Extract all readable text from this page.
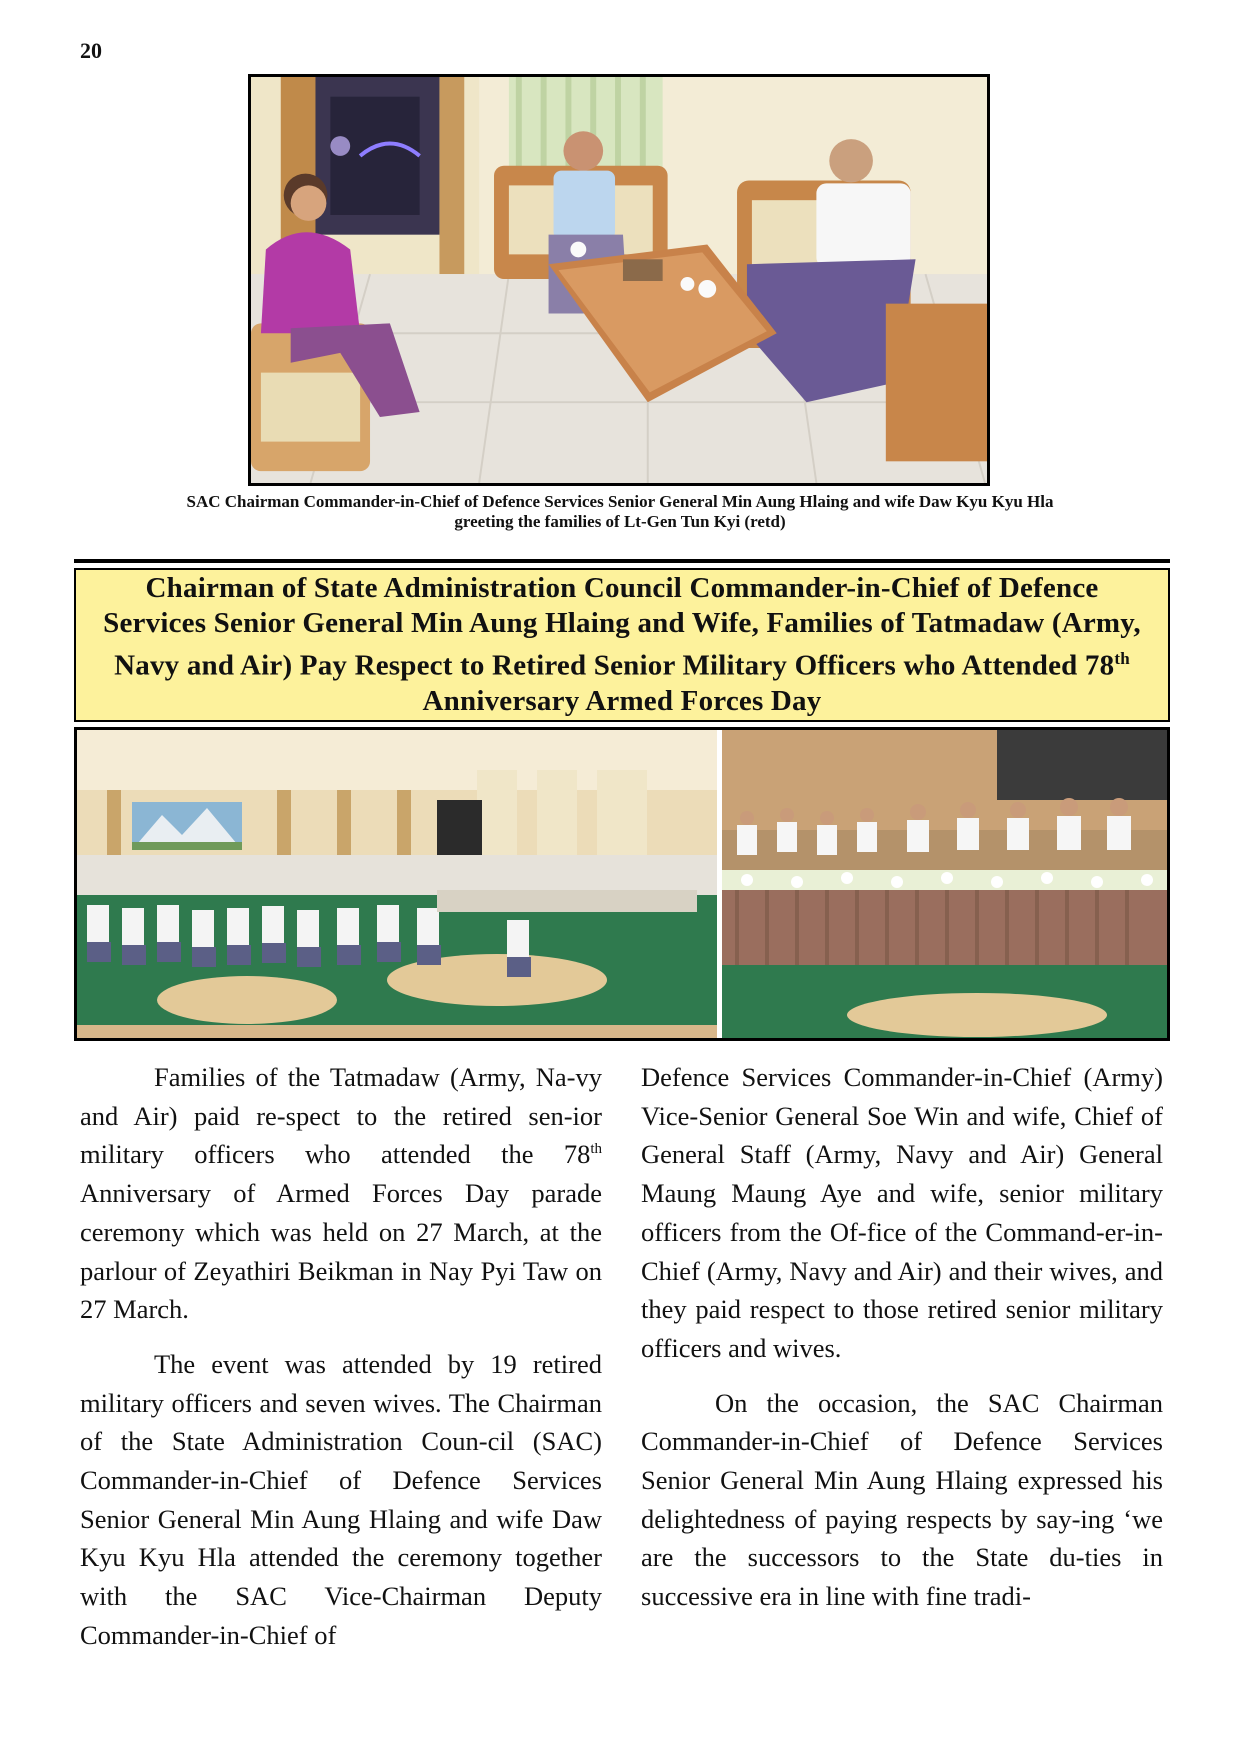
20
SAC Chairman Commander-in-Chief of Defence Services Senior General Min Aung Hlaing and wife Daw Kyu Kyu Hla
greeting the families of Lt-Gen Tun Kyi (retd)
Chairman of State Administration Council Commander-in-Chief of Defence Services Senior General Min Aung Hlaing and Wife, Families of Tatmadaw (Army, Navy and Air) Pay Respect to Retired Senior Military Officers who Attended 78th Anniversary Armed Forces Day

Families of the Tatmadaw (Army, Na-vy and Air) paid re-spect to the retired sen-ior military officers who attended the 78th Anniversary of Armed Forces Day parade ceremony which was held on 27 March, at the parlour of Zeyathiri Beikman in Nay Pyi Taw on 27 March.

The event was attended by 19 retired military officers and seven wives. The Chairman of the State Administration Coun-cil (SAC) Commander-in-Chief of Defence Services Senior General Min Aung Hlaing and wife Daw Kyu Kyu Hla attended the ceremony together with the SAC Vice-Chairman Deputy Commander-in-Chief of

Defence Services Commander-in-Chief (Army) Vice-Senior General Soe Win and wife, Chief of General Staff (Army, Navy and Air) General Maung Maung Aye and wife, senior military officers from the Of-fice of the Command-er-in-Chief (Army, Navy and Air) and their wives, and they paid respect to those retired senior military officers and wives.

On the occasion, the SAC Chairman Commander-in-Chief of Defence Services Senior General Min Aung Hlaing expressed his delightedness of paying respects by say-ing ‘we are the successors to the State du-ties in successive era in line with fine tradi-
